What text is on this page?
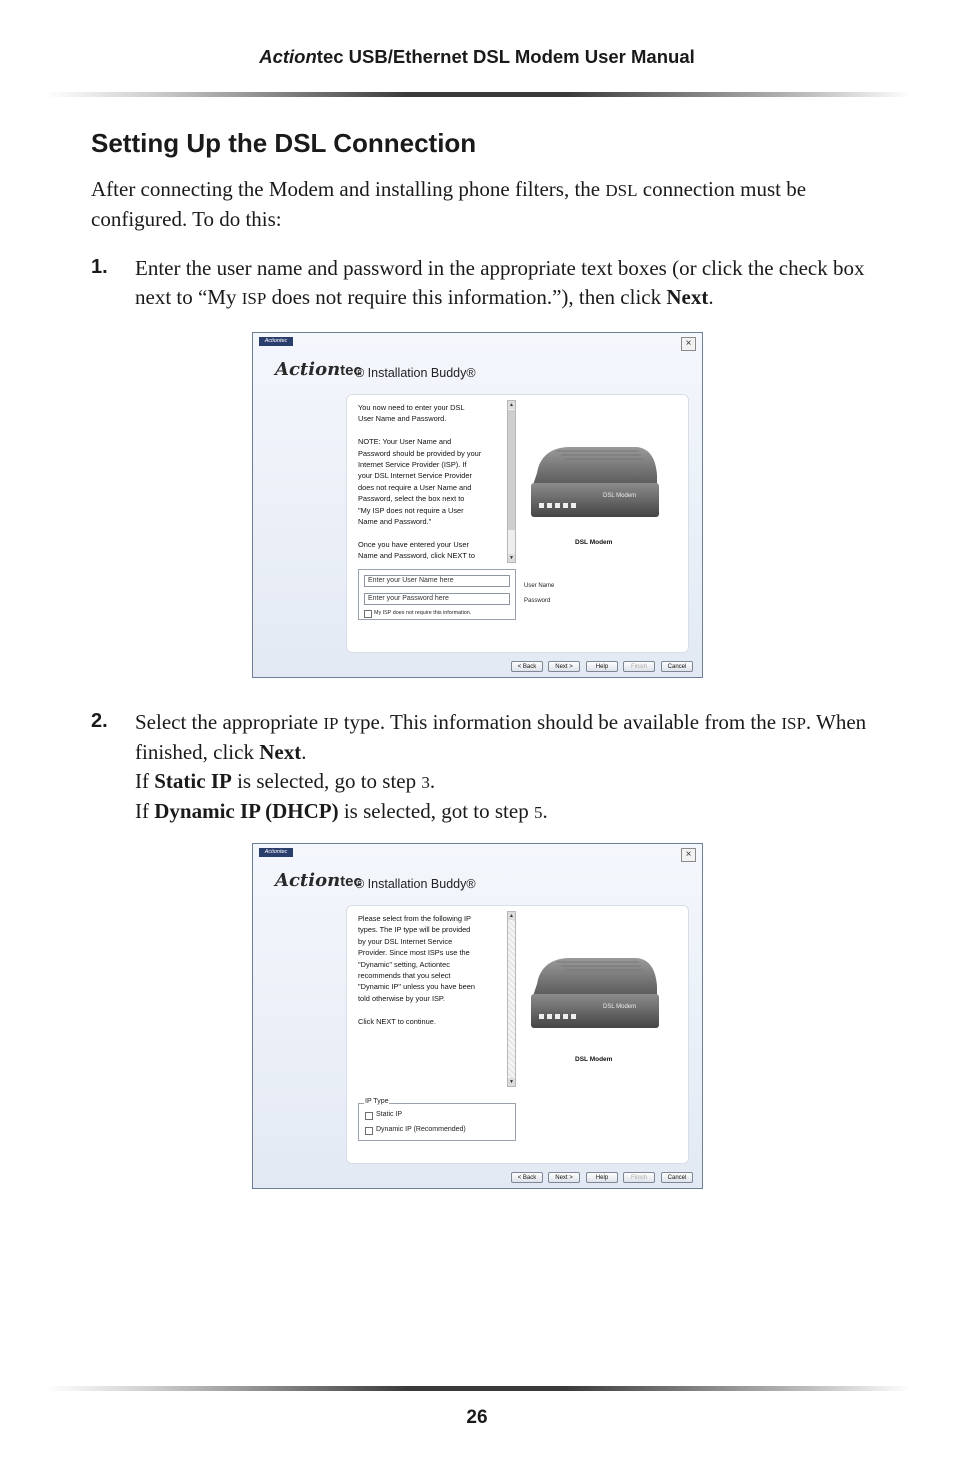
Actiontec USB/Ethernet DSL Modem User Manual
Setting Up the DSL Connection
After connecting the Modem and installing phone filters, the DSL connection must be configured. To do this:
1. Enter the user name and password in the appropriate text boxes (or click the check box next to “My ISP does not require this information.”), then click Next.
Actiontec	×
Actiontec
® Installation Buddy®
You now need to enter your DSL
User Name and Password.

NOTE: Your User Name and
Password should be provided by your
Internet Service Provider (ISP). If
your DSL Internet Service Provider
does not require a User Name and
Password, select the box next to
"My ISP does not require a User
Name and Password."

Once you have entered your User
Name and Password, click NEXT to
▲
▼
DSL Modem
DSL Modem
Enter your User Name here
Enter your Password here
My ISP does not require this information.
User Name
Password
< Back	Next >	Help	Finish	Cancel
2. Select the appropriate IP type. This information should be available from the ISP. When finished, click Next.
If Static IP is selected, go to step 3.
If Dynamic IP (DHCP) is selected, got to step 5.
Actiontec	×
Actiontec
® Installation Buddy®
Please select from the following IP
types. The IP type will be provided
by your DSL Internet Service
Provider. Since most ISPs use the
"Dynamic" setting, Actiontec
recommends that you select
"Dynamic IP" unless you have been
told otherwise by your ISP.

Click NEXT to continue.
▲
▼
DSL Modem
DSL Modem
IP Type
Static IP
Dynamic IP (Recommended)
< Back	Next >	Help	Finish	Cancel
26
